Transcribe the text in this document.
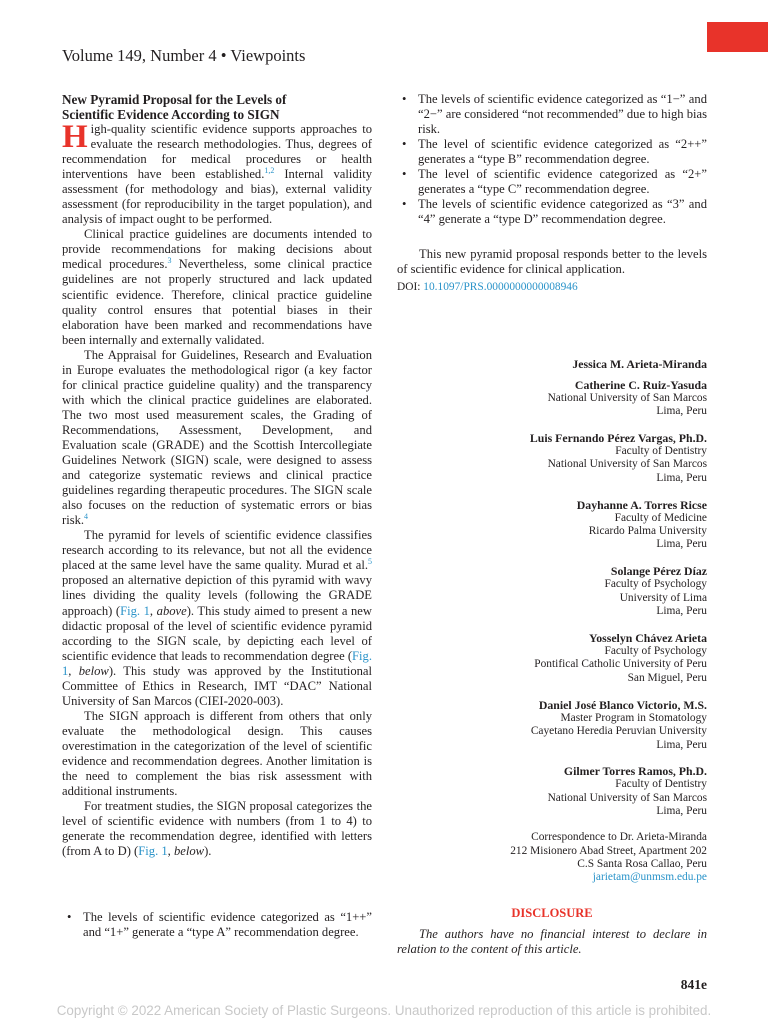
Volume 149, Number 4 • Viewpoints

New Pyramid Proposal for the Levels of
Scientific Evidence According to SIGN

High-quality scientific evidence supports approaches to evaluate the research methodologies. Thus, degrees of recommendation for medical procedures or health interventions have been established.$^{1,2}$ Internal validity assessment (for methodology and bias), external validity assessment (for reproducibility in the target population), and analysis of impact ought to be performed.

Clinical practice guidelines are documents intended to provide recommendations for making decisions about medical procedures.$^3$ Nevertheless, some clinical practice guidelines are not properly structured and lack updated scientific evidence. Therefore, clinical practice guideline quality control ensures that potential biases in their elaboration have been marked and recommendations have been internally and externally validated.

The Appraisal for Guidelines, Research and Evaluation in Europe evaluates the methodological rigor (a key factor for clinical practice guideline quality) and the transparency with which the clinical practice guidelines are elaborated. The two most used measurement scales, the Grading of Recommendations, Assessment, Development, and Evaluation scale (GRADE) and the Scottish Intercollegiate Guidelines Network (SIGN) scale, were designed to assess and categorize systematic reviews and clinical practice guidelines regarding therapeutic procedures. The SIGN scale also focuses on the reduction of systematic errors or bias risk.$^4$

The pyramid for levels of scientific evidence classifies research according to its relevance, but not all the evidence placed at the same level have the same quality. Murad et al.$^5$ proposed an alternative depiction of this pyramid with wavy lines dividing the quality levels (following the GRADE approach) (Fig. 1, above). This study aimed to present a new didactic proposal of the level of scientific evidence pyramid according to the SIGN scale, by depicting each level of scientific evidence that leads to recommendation degree (Fig. 1, below). This study was approved by the Institutional Committee of Ethics in Research, IMT “DAC” National University of San Marcos (CIEI-2020-003).

The SIGN approach is different from others that only evaluate the methodological design. This causes overestimation in the categorization of the level of scientific evidence and recommendation degrees. Another limitation is the need to complement the bias risk assessment with additional instruments.

For treatment studies, the SIGN proposal categorizes the level of scientific evidence with numbers (from 1 to 4) to generate the recommendation degree, identified with letters (from A to D) (Fig. 1, below).

• The levels of scientific evidence categorized as “1++” and “1+” generate a “type A” recommendation degree.
• The levels of scientific evidence categorized as “1−” and “2−” are considered “not recommended” due to high bias risk.
• The level of scientific evidence categorized as “2++” generates a “type B” recommendation degree.
• The level of scientific evidence categorized as “2+” generates a “type C” recommendation degree.
• The levels of scientific evidence categorized as “3” and “4” generate a “type D” recommendation degree.

This new pyramid proposal responds better to the levels of scientific evidence for clinical application.

DOI: 10.1097/PRS.0000000000008946

Jessica M. Arieta-Miranda
Catherine C. Ruiz-Yasuda
National University of San Marcos
Lima, Peru
Luis Fernando Pérez Vargas, Ph.D.
Faculty of Dentistry
National University of San Marcos
Lima, Peru
Dayhanne A. Torres Ricse
Faculty of Medicine
Ricardo Palma University
Lima, Peru
Solange Pérez Díaz
Faculty of Psychology
University of Lima
Lima, Peru
Yosselyn Chávez Arieta
Faculty of Psychology
Pontifical Catholic University of Peru
San Miguel, Peru
Daniel José Blanco Victorio, M.S.
Master Program in Stomatology
Cayetano Heredia Peruvian University
Lima, Peru
Gilmer Torres Ramos, Ph.D.
Faculty of Dentistry
National University of San Marcos
Lima, Peru
Correspondence to Dr. Arieta-Miranda
212 Misionero Abad Street, Apartment 202
C.S Santa Rosa Callao, Peru
jarietam@unmsm.edu.pe
DISCLOSURE
The authors have no financial interest to declare in relation to the content of this article.
841e
Copyright © 2022 American Society of Plastic Surgeons. Unauthorized reproduction of this article is prohibited.
